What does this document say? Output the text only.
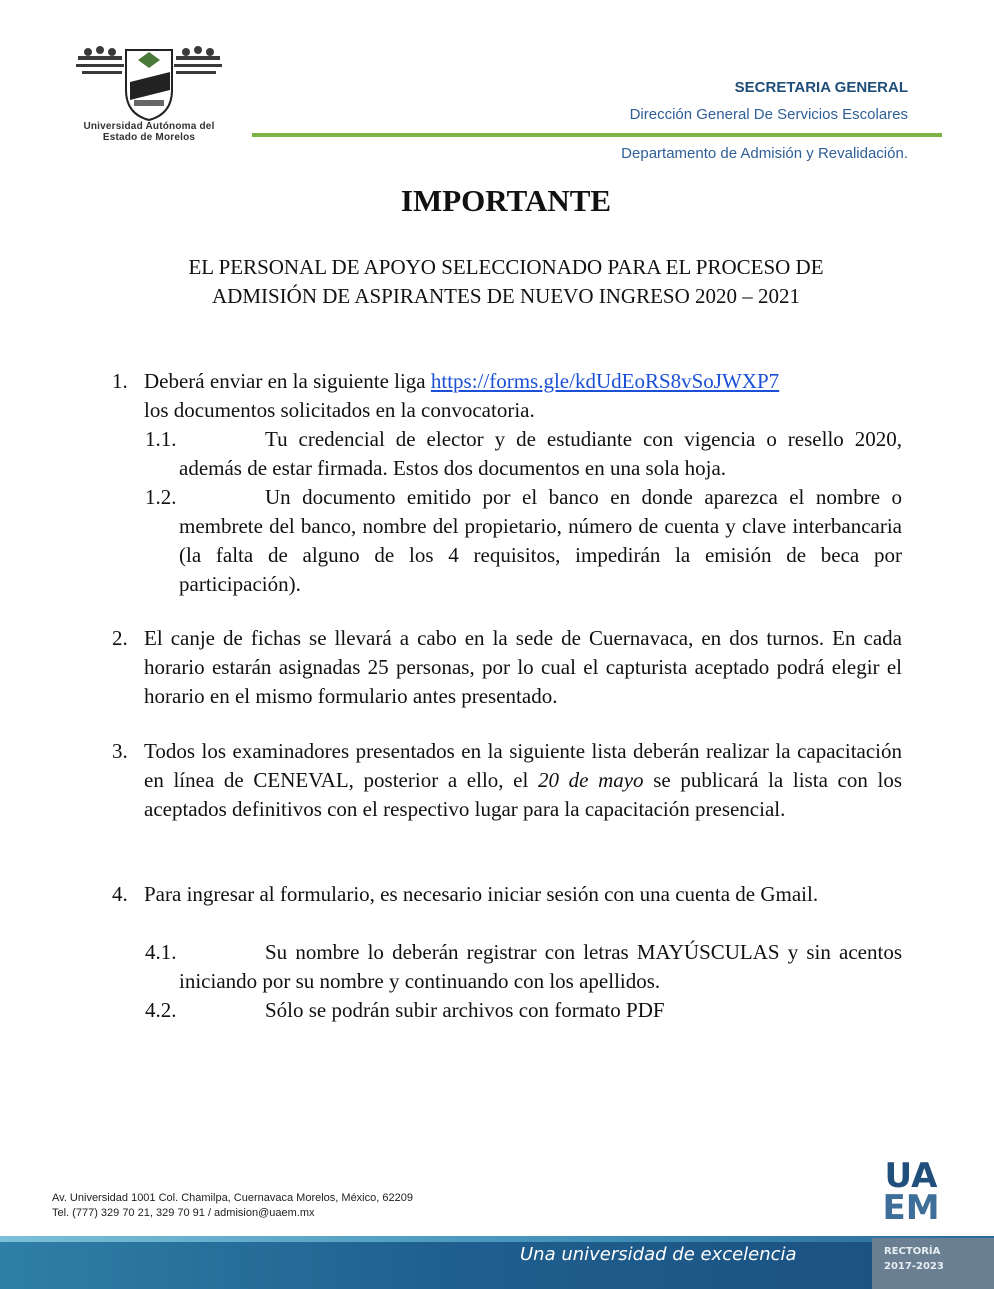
Universidad Autónoma del
Estado de Morelos
SECRETARIA GENERAL
Dirección General De Servicios Escolares
Departamento de Admisión y Revalidación.
IMPORTANTE
EL PERSONAL DE APOYO SELECCIONADO PARA EL PROCESO DE
ADMISIÓN DE ASPIRANTES DE NUEVO INGRESO 2020 – 2021
1. Deberá enviar en la siguiente liga https://forms.gle/kdUdEoRS8vSoJWXP7
los documentos solicitados en la convocatoria.
1.1.	Tu credencial de elector y de estudiante con vigencia o resello 2020, además de estar firmada. Estos dos documentos en una sola hoja.
1.2.	Un documento emitido por el banco en donde aparezca el nombre o membrete del banco, nombre del propietario, número de cuenta y clave interbancaria (la falta de alguno de los 4 requisitos, impedirán la emisión de beca por participación).
2. El canje de fichas se llevará a cabo en la sede de Cuernavaca, en dos turnos. En cada horario estarán asignadas 25 personas, por lo cual el capturista aceptado podrá elegir el horario en el mismo formulario antes presentado.
3. Todos los examinadores presentados en la siguiente lista deberán realizar la capacitación en línea de CENEVAL, posterior a ello, el 20 de mayo se publicará la lista con los aceptados definitivos con el respectivo lugar para la capacitación presencial.
4. Para ingresar al formulario, es necesario iniciar sesión con una cuenta de Gmail.
4.1.	Su nombre lo deberán registrar con letras MAYÚSCULAS y sin acentos iniciando por su nombre y continuando con los apellidos.
4.2.	Sólo se podrán subir archivos con formato PDF
Av. Universidad 1001 Col. Chamilpa, Cuernavaca Morelos, México, 62209
Tel. (777) 329 70 21, 329 70 91 / admision@uaem.mx
UA
EM
Una universidad de excelencia	RECTORÍA
2017-2023
